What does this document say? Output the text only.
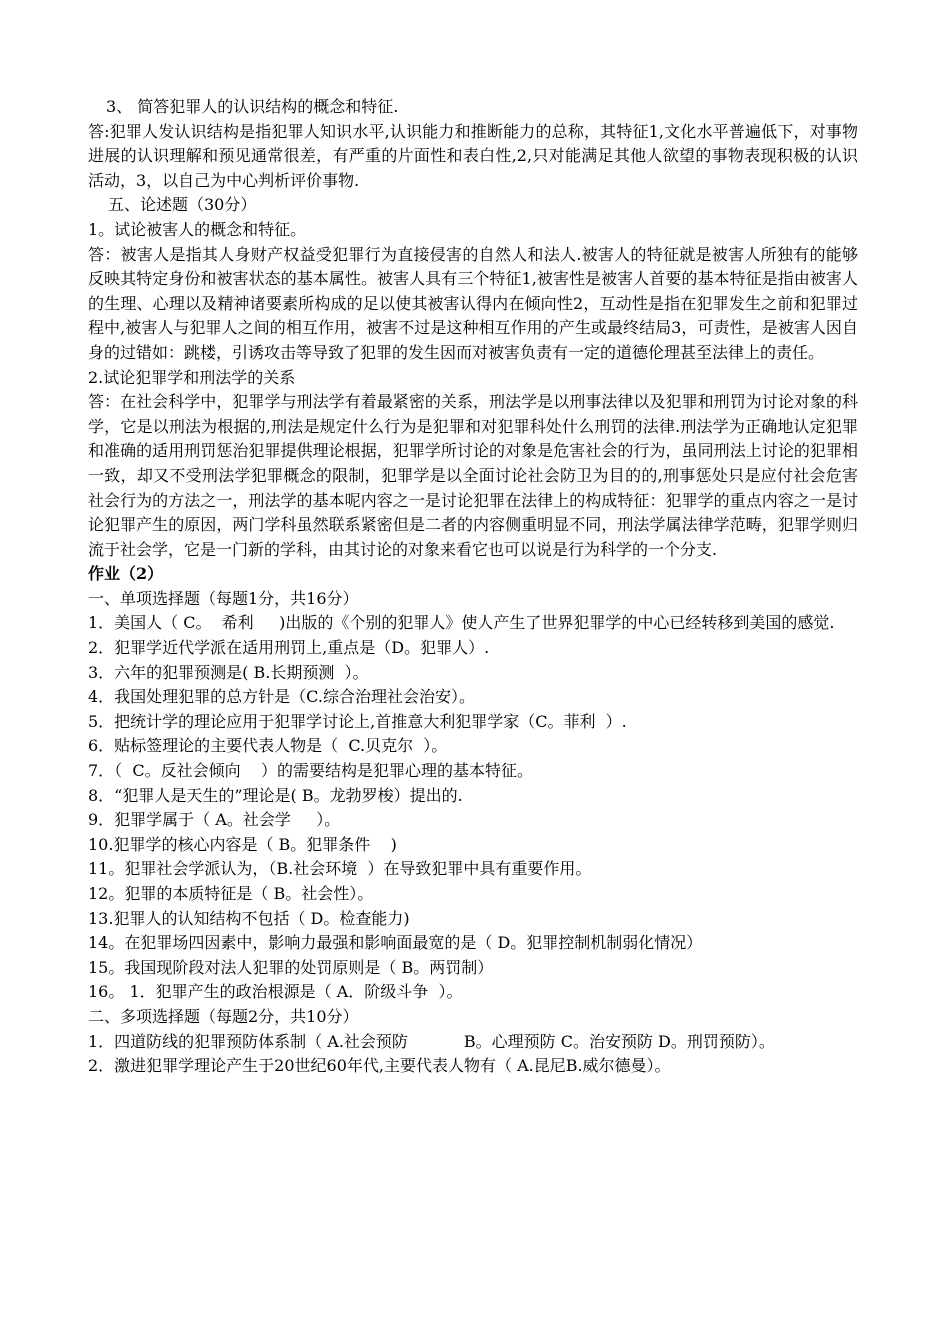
3、 简答犯罪人的认识结构的概念和特征.

答:犯罪人发认识结构是指犯罪人知识水平,认识能力和推断能力的总称，其特征1,文化水平普遍低下，对事物进展的认识理解和预见通常很差，有严重的片面性和表白性,2,只对能满足其他人欲望的事物表现积极的认识活动，3，以自己为中心判析评价事物.

五、论述题（30分）

1。试论被害人的概念和特征。

答：被害人是指其人身财产权益受犯罪行为直接侵害的自然人和法人.被害人的特征就是被害人所独有的能够反映其特定身份和被害状态的基本属性。被害人具有三个特征1,被害性是被害人首要的基本特征是指由被害人的生理、心理以及精神诸要素所构成的足以使其被害认得内在倾向性2，互动性是指在犯罪发生之前和犯罪过程中,被害人与犯罪人之间的相互作用，被害不过是这种相互作用的产生或最终结局3，可责性，是被害人因自身的过错如：跳楼，引诱攻击等导致了犯罪的发生因而对被害负责有一定的道德伦理甚至法律上的责任。

2.试论犯罪学和刑法学的关系

答：在社会科学中，犯罪学与刑法学有着最紧密的关系，刑法学是以刑事法律以及犯罪和刑罚为讨论对象的科学，它是以刑法为根据的,刑法是规定什么行为是犯罪和对犯罪科处什么刑罚的法律.刑法学为正确地认定犯罪和准确的适用刑罚惩治犯罪提供理论根据，犯罪学所讨论的对象是危害社会的行为，虽同刑法上讨论的犯罪相一致，却又不受刑法学犯罪概念的限制，犯罪学是以全面讨论社会防卫为目的的,刑事惩处只是应付社会危害社会行为的方法之一，刑法学的基本呢内容之一是讨论犯罪在法律上的构成特征：犯罪学的重点内容之一是讨论犯罪产生的原因，两门学科虽然联系紧密但是二者的内容侧重明显不同，刑法学属法律学范畴，犯罪学则归流于社会学，它是一门新的学科，由其讨论的对象来看它也可以说是行为科学的一个分支.

作业（2）

一、单项选择题（每题1分，共16分）

1．美国人（ C。  希利     )出版的《个别的犯罪人》使人产生了世界犯罪学的中心已经转移到美国的感觉.

2．犯罪学近代学派在适用刑罚上,重点是（D。犯罪人）.

3．六年的犯罪预测是( B.长期预测  ）。

4．我国处理犯罪的总方针是（C.综合治理社会治安）。

5．把统计学的理论应用于犯罪学讨论上,首推意大利犯罪学家（C。菲利  ）.

6．贴标签理论的主要代表人物是（  C.贝克尔  ）。

7．（  C。反社会倾向    ）的需要结构是犯罪心理的基本特征。

8．“犯罪人是天生的”理论是( B。龙勃罗梭）提出的.

9．犯罪学属于（ A。社会学     ）。

10.犯罪学的核心内容是（ B。犯罪条件    )

11。犯罪社会学派认为，（B.社会环境  ）在导致犯罪中具有重要作用。

12。犯罪的本质特征是（ B。社会性）。

13.犯罪人的认知结构不包括（ D。检查能力)

14。在犯罪场四因素中，影响力最强和影响面最宽的是（ D。犯罪控制机制弱化情况）

15。我国现阶段对法人犯罪的处罚原则是（ B。两罚制）

16。 1．犯罪产生的政治根源是（ A．阶级斗争  ）。

二、多项选择题（每题2分，共10分）

1．四道防线的犯罪预防体系制（ A.社会预防           B。心理预防 C。治安预防 D。刑罚预防）。

2．激进犯罪学理论产生于20世纪60年代,主要代表人物有（ A.昆尼B.威尔德曼）。
